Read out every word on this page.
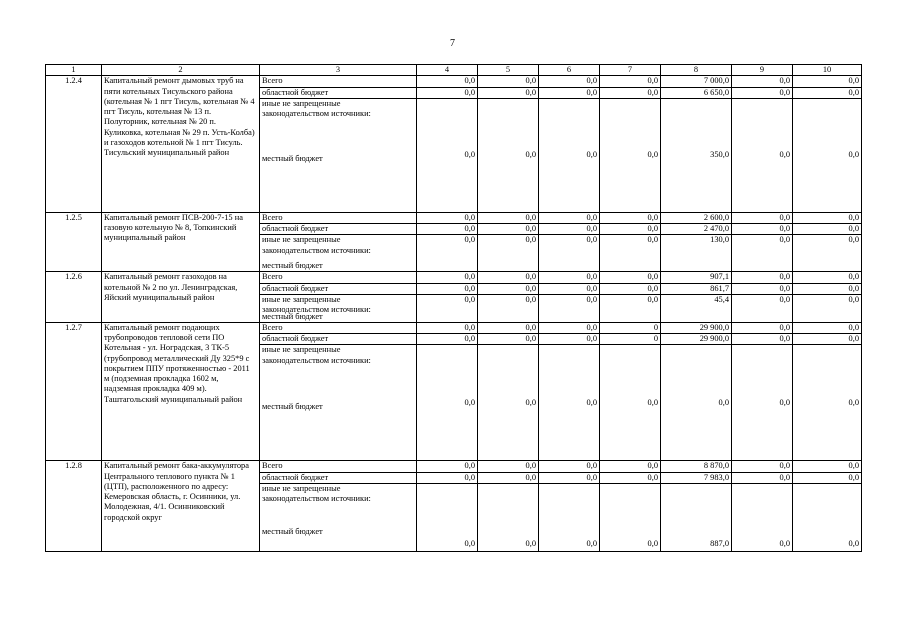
7
1	2	3	4	5	6	7	8	9	10
1.2.4	Капитальный ремонт дымовых труб на пяти котельных Тисульского района (котельная № 1 пгт Тисуль, котельная № 4 пгт Тисуль, котельная № 13 п. Полуторник, котельная № 20 п. Куликовка, котельная № 29 п. Усть-Колба) и газоходов котельной № 1 пгт Тисуль. Тисульский муниципальный район	Всего	0,0	0,0	0,0	0,0	7 000,0	0,0	0,0
		областной бюджет	0,0	0,0	0,0	0,0	6 650,0	0,0	0,0

		иные не запрещенные
законодательством источники:
местный бюджет	0,0	0,0	0,0	0,0	350,0	0,0	0,0
1.2.5	Капитальный ремонт ПСВ-200-7-15 на газовую котельную № 8, Топкинский муниципальный район	Всего	0,0	0,0	0,0	0,0	2 600,0	0,0	0,0
		областной бюджет	0,0	0,0	0,0	0,0	2 470,0	0,0	0,0

		иные не запрещенные
законодательством источники:
местный бюджет	0,0	0,0	0,0	0,0	130,0	0,0	0,0
1.2.6	Капитальный ремонт газоходов на котельной № 2 по ул. Ленинградская, Яйский муниципальный район	Всего	0,0	0,0	0,0	0,0	907,1	0,0	0,0
		областной бюджет	0,0	0,0	0,0	0,0	861,7	0,0	0,0

		иные не запрещенные
законодательством источники:
местный бюджет	0,0	0,0	0,0	0,0	45,4	0,0	0,0
1.2.7	Капитальный ремонт подающих трубопроводов тепловой сети ПО Котельная - ул. Ноградская, 3 ТК-5 (трубопровод металлический Ду 325*9 с покрытием ППУ протяженностью - 2011 м (подземная прокладка 1602 м, надземная прокладка 409 м). Таштагольский муниципальный район	Всего	0,0	0,0	0,0	0	29 900,0	0,0	0,0
		областной бюджет	0,0	0,0	0,0	0	29 900,0	0,0	0,0

		иные не запрещенные
законодательством источники:
местный бюджет	0,0	0,0	0,0	0,0	0,0	0,0	0,0
1.2.8	Капитальный ремонт бака-аккумулятора Центрального теплового пункта № 1 (ЦТП), расположенного по адресу: Кемеровская область, г. Осинники, ул. Молодежная, 4/1. Осинниковский городской округ	Всего	0,0	0,0	0,0	0,0	8 870,0	0,0	0,0
		областной бюджет	0,0	0,0	0,0	0,0	7 983,0	0,0	0,0

		иные не запрещенные
законодательством источники:
местный бюджет	0,0	0,0	0,0	0,0	887,0	0,0	0,0
